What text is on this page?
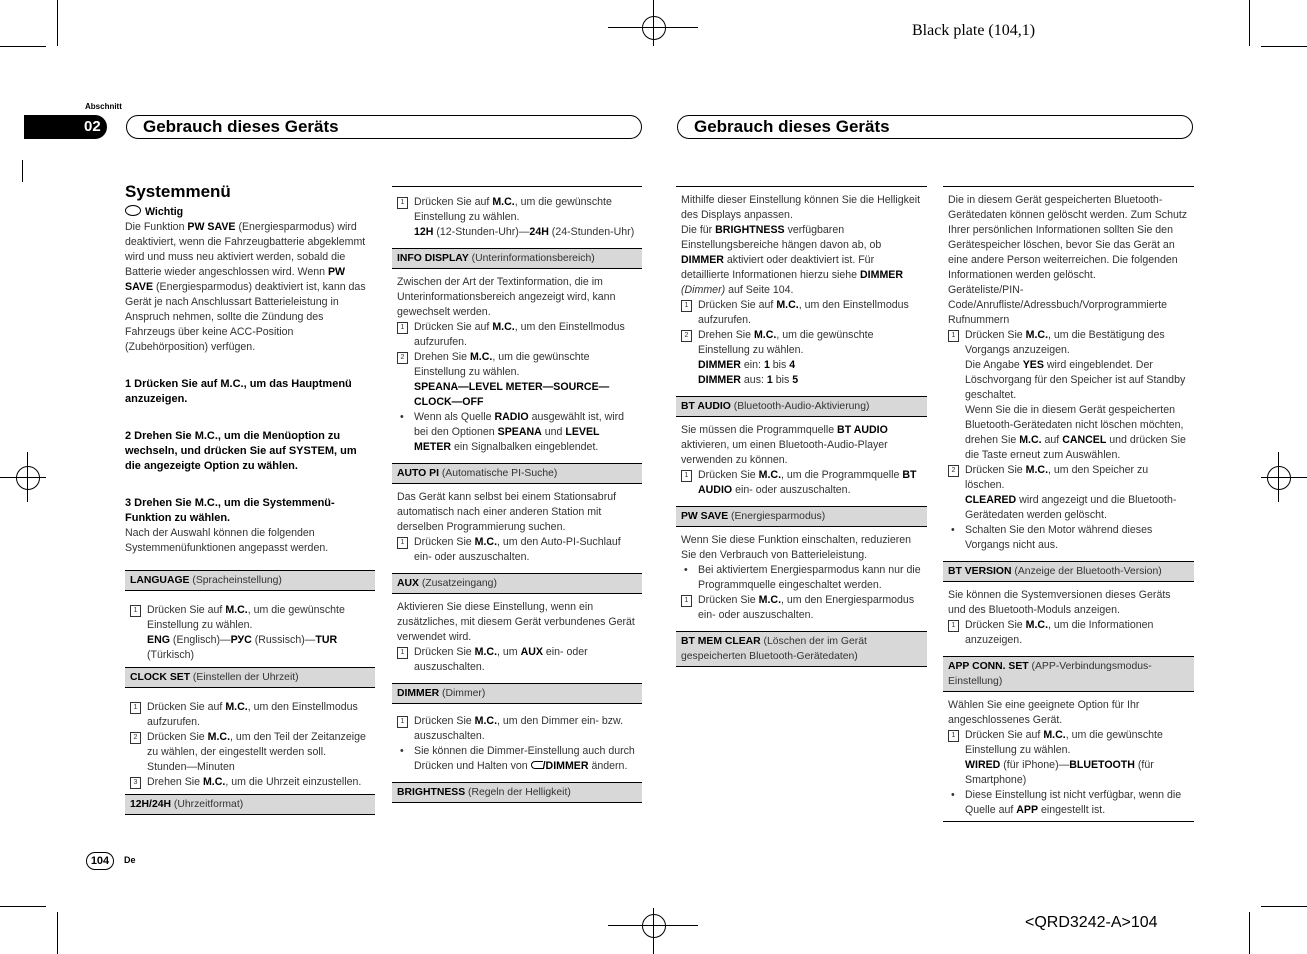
Black plate (104,1)
<QRD3242-A>104
Abschnitt
02 Gebrauch dieses Geräts	Gebrauch dieses Geräts
Systemmenü

Wichtig

Die Funktion PW SAVE (Energiesparmodus) wird deaktiviert, wenn die Fahrzeugbatterie abgeklemmt wird und muss neu aktiviert werden, sobald die Batterie wieder angeschlossen wird. Wenn PW SAVE (Energiesparmodus) deaktiviert ist, kann das Gerät je nach Anschlussart Batterieleistung in Anspruch nehmen, sollte die Zündung des Fahrzeugs über keine ACC-Position (Zubehörposition) verfügen.

1 Drücken Sie auf M.C., um das Hauptmenü anzuzeigen.

2 Drehen Sie M.C., um die Menüoption zu wechseln, und drücken Sie auf SYSTEM, um die angezeigte Option zu wählen.

3 Drehen Sie M.C., um die Systemmenü-Funktion zu wählen.

Nach der Auswahl können die folgenden Systemmenüfunktionen angepasst werden.

LANGUAGE (Spracheinstellung)

1 Drücken Sie auf M.C., um die gewünschte Einstellung zu wählen.

ENG (Englisch)—РУС (Russisch)—TUR (Türkisch)

CLOCK SET (Einstellen der Uhrzeit)

1 Drücken Sie auf M.C., um den Einstellmodus aufzurufen.

2 Drücken Sie M.C., um den Teil der Zeitanzeige zu wählen, der eingestellt werden soll.

Stunden—Minuten

3 Drehen Sie M.C., um die Uhrzeit einzustellen.

12H/24H (Uhrzeitformat)

1 Drücken Sie auf M.C., um die gewünschte Einstellung zu wählen.

12H (12-Stunden-Uhr)—24H (24-Stunden-Uhr)

INFO DISPLAY (Unterinformationsbereich)

Zwischen der Art der Textinformation, die im Unterinformationsbereich angezeigt wird, kann gewechselt werden.

1 Drücken Sie auf M.C., um den Einstellmodus aufzurufen.

2 Drehen Sie M.C., um die gewünschte Einstellung zu wählen.

SPEANA—LEVEL METER—SOURCE—CLOCK—OFF

• Wenn als Quelle RADIO ausgewählt ist, wird bei den Optionen SPEANA und LEVEL METER ein Signalbalken eingeblendet.

AUTO PI (Automatische PI-Suche)

Das Gerät kann selbst bei einem Stationsabruf automatisch nach einer anderen Station mit derselben Programmierung suchen.

1 Drücken Sie M.C., um den Auto-PI-Suchlauf ein- oder auszuschalten.

AUX (Zusatzeingang)

Aktivieren Sie diese Einstellung, wenn ein zusätzliches, mit diesem Gerät verbundenes Gerät verwendet wird.

1 Drücken Sie M.C., um AUX ein- oder auszuschalten.

DIMMER (Dimmer)

1 Drücken Sie M.C., um den Dimmer ein- bzw. auszuschalten.

• Sie können die Dimmer-Einstellung auch durch Drücken und Halten von /DIMMER ändern.

BRIGHTNESS (Regeln der Helligkeit)

Mithilfe dieser Einstellung können Sie die Helligkeit des Displays anpassen.

Die für BRIGHTNESS verfügbaren Einstellungsbereiche hängen davon ab, ob DIMMER aktiviert oder deaktiviert ist. Für detaillierte Informationen hierzu siehe DIMMER (Dimmer) auf Seite 104.

1 Drücken Sie auf M.C., um den Einstellmodus aufzurufen.

2 Drehen Sie M.C., um die gewünschte Einstellung zu wählen.

DIMMER ein: 1 bis 4

DIMMER aus: 1 bis 5

BT AUDIO (Bluetooth-Audio-Aktivierung)

Sie müssen die Programmquelle BT AUDIO aktivieren, um einen Bluetooth-Audio-Player verwenden zu können.

1 Drücken Sie M.C., um die Programmquelle BT AUDIO ein- oder auszuschalten.

PW SAVE (Energiesparmodus)

Wenn Sie diese Funktion einschalten, reduzieren Sie den Verbrauch von Batterieleistung.

• Bei aktiviertem Energiesparmodus kann nur die Programmquelle eingeschaltet werden.

1 Drücken Sie M.C., um den Energiesparmodus ein- oder auszuschalten.

BT MEM CLEAR (Löschen der im Gerät gespeicherten Bluetooth-Gerätedaten)

Die in diesem Gerät gespeicherten Bluetooth-Gerätedaten können gelöscht werden. Zum Schutz Ihrer persönlichen Informationen sollten Sie den Gerätespeicher löschen, bevor Sie das Gerät an eine andere Person weiterreichen. Die folgenden Informationen werden gelöscht.

Geräteliste/PIN-Code/Anrufliste/Adressbuch/Vorprogrammierte Rufnummern

1 Drücken Sie M.C., um die Bestätigung des Vorgangs anzuzeigen.

Die Angabe YES wird eingeblendet. Der Löschvorgang für den Speicher ist auf Standby geschaltet.

Wenn Sie die in diesem Gerät gespeicherten Bluetooth-Gerätedaten nicht löschen möchten, drehen Sie M.C. auf CANCEL und drücken Sie die Taste erneut zum Auswählen.

2 Drücken Sie M.C., um den Speicher zu löschen.

CLEARED wird angezeigt und die Bluetooth-Gerätedaten werden gelöscht.

• Schalten Sie den Motor während dieses Vorgangs nicht aus.

BT VERSION (Anzeige der Bluetooth-Version)

Sie können die Systemversionen dieses Geräts und des Bluetooth-Moduls anzeigen.

1 Drücken Sie M.C., um die Informationen anzuzeigen.

APP CONN. SET (APP-Verbindungsmodus-Einstellung)

Wählen Sie eine geeignete Option für Ihr angeschlossenes Gerät.

1 Drücken Sie auf M.C., um die gewünschte Einstellung zu wählen.

WIRED (für iPhone)—BLUETOOTH (für Smartphone)

• Diese Einstellung ist nicht verfügbar, wenn die Quelle auf APP eingestellt ist.

104	De
